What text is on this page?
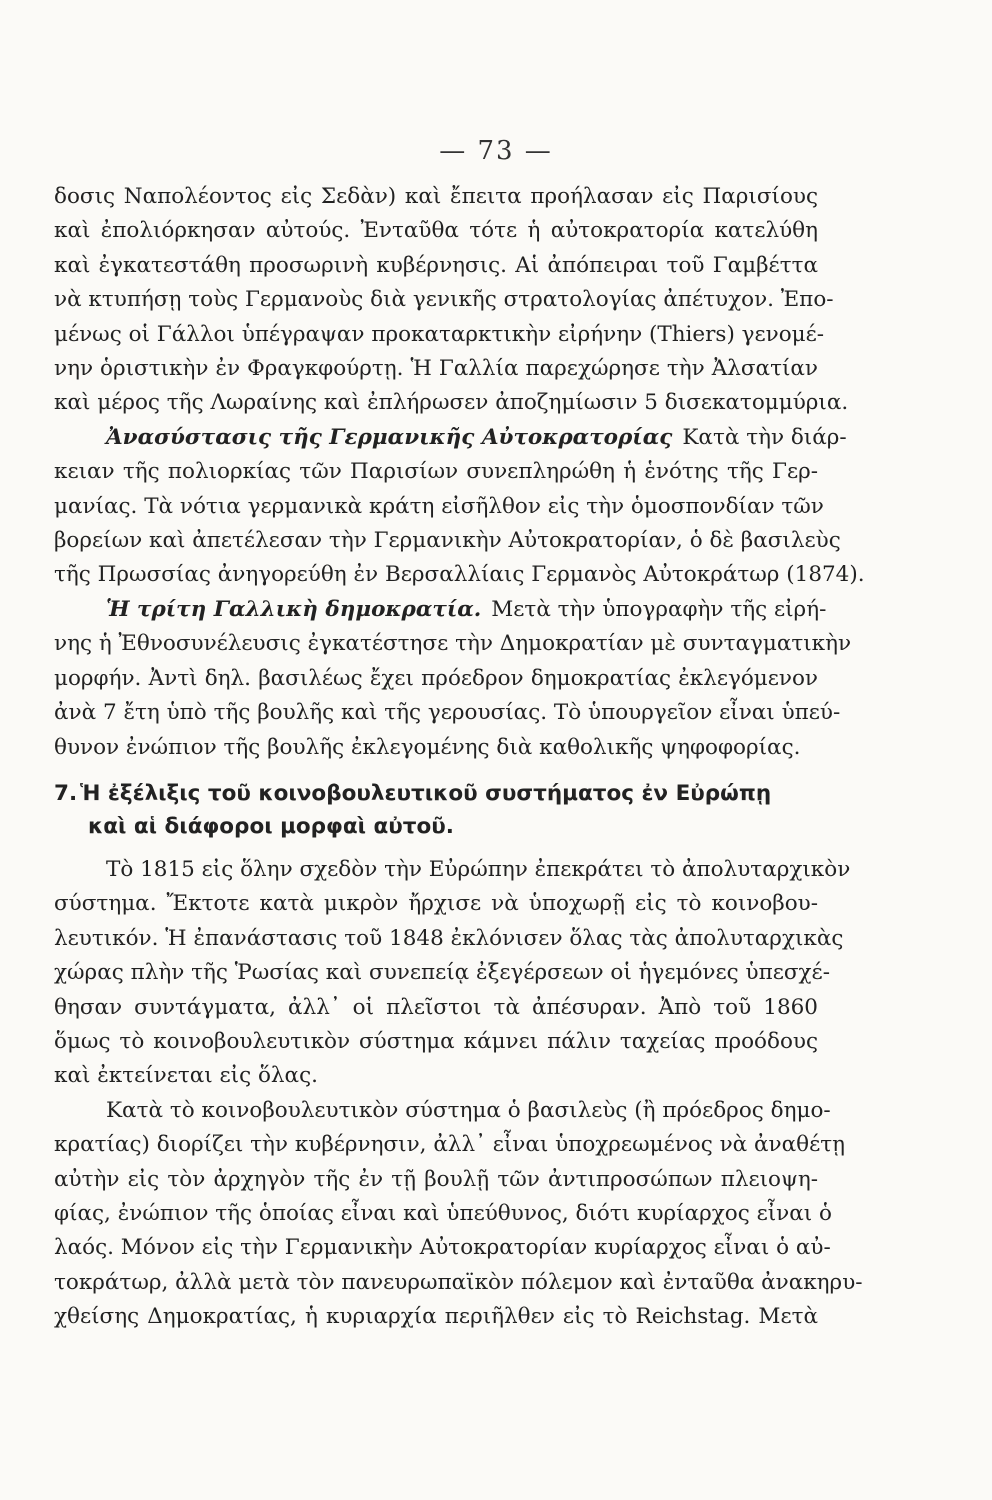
— 73 —
δοσις Ναπολέοντος εἰς Σεδὰν) καὶ ἔπειτα προήλασαν εἰς Παρισίους
καὶ ἐπολιόρκησαν αὐτούς. Ἐνταῦθα τότε ἡ αὐτοκρατορία κατελύθη
καὶ ἐγκατεστάθη προσωρινὴ κυβέρνησις. Αἱ ἀπόπειραι τοῦ Γαμβέττα
νὰ κτυπήσῃ τοὺς Γερμανοὺς διὰ γενικῆς στρατολογίας ἀπέτυχον. Ἐπο-
μένως οἱ Γάλλοι ὑπέγραψαν προκαταρκτικὴν εἰρήνην (Thiers) γενομέ-
νην ὁριστικὴν ἐν Φραγκφούρτῃ. Ἡ Γαλλία παρεχώρησε τὴν Ἀλσατίαν
καὶ μέρος τῆς Λωραίνης καὶ ἐπλήρωσεν ἀποζημίωσιν 5 δισεκατομμύρια.
Ἀνασύστασις τῆς Γερμανικῆς Αὐτοκρατορίας Κατὰ τὴν διάρ-
κειαν τῆς πολιορκίας τῶν Παρισίων συνεπληρώθη ἡ ἑνότης τῆς Γερ-
μανίας. Τὰ νότια γερμανικὰ κράτη εἰσῆλθον εἰς τὴν ὁμοσπονδίαν τῶν
βορείων καὶ ἀπετέλεσαν τὴν Γερμανικὴν Αὐτοκρατορίαν, ὁ δὲ βασιλεὺς
τῆς Πρωσσίας ἀνηγορεύθη ἐν Βερσαλλίαις Γερμανὸς Αὐτοκράτωρ (1874).
Ἡ τρίτη Γαλλικὴ δημοκρατία. Μετὰ τὴν ὑπογραφὴν τῆς εἰρή-
νης ἡ Ἐθνοσυνέλευσις ἐγκατέστησε τὴν Δημοκρατίαν μὲ συνταγματικὴν
μορφήν. Ἀντὶ δηλ. βασιλέως ἔχει πρόεδρον δημοκρατίας ἐκλεγόμενον
ἀνὰ 7 ἔτη ὑπὸ τῆς βουλῆς καὶ τῆς γερουσίας. Τὸ ὑπουργεῖον εἶναι ὑπεύ-
θυνον ἐνώπιον τῆς βουλῆς ἐκλεγομένης διὰ καθολικῆς ψηφοφορίας.
7. Ἡ ἐξέλιξις τοῦ κοινοβουλευτικοῦ συστήματος ἐν Εὐρώπῃ
καὶ αἱ διάφοροι μορφαὶ αὐτοῦ.
Τὸ 1815 εἰς ὅλην σχεδὸν τὴν Εὐρώπην ἐπεκράτει τὸ ἀπολυταρχικὸν
σύστημα. Ἔκτοτε κατὰ μικρὸν ἤρχισε νὰ ὑποχωρῇ εἰς τὸ κοινοβου-
λευτικόν. Ἡ ἐπανάστασις τοῦ 1848 ἐκλόνισεν ὅλας τὰς ἀπολυταρχικὰς
χώρας πλὴν τῆς Ῥωσίας καὶ συνεπείᾳ ἐξεγέρσεων οἱ ἡγεμόνες ὑπεσχέ-
θησαν συντάγματα, ἀλλ᾽ οἱ πλεῖστοι τὰ ἀπέσυραν. Ἀπὸ τοῦ 1860
ὅμως τὸ κοινοβουλευτικὸν σύστημα κάμνει πάλιν ταχείας προόδους
καὶ ἐκτείνεται εἰς ὅλας.
Κατὰ τὸ κοινοβουλευτικὸν σύστημα ὁ βασιλεὺς (ἢ πρόεδρος δημο-
κρατίας) διορίζει τὴν κυβέρνησιν, ἀλλ᾽ εἶναι ὑποχρεωμένος νὰ ἀναθέτῃ
αὐτὴν εἰς τὸν ἀρχηγὸν τῆς ἐν τῇ βουλῇ τῶν ἀντιπροσώπων πλειοψη-
φίας, ἐνώπιον τῆς ὁποίας εἶναι καὶ ὑπεύθυνος, διότι κυρίαρχος εἶναι ὁ
λαός. Μόνον εἰς τὴν Γερμανικὴν Αὐτοκρατορίαν κυρίαρχος εἶναι ὁ αὐ-
τοκράτωρ, ἀλλὰ μετὰ τὸν πανευρωπαϊκὸν πόλεμον καὶ ἐνταῦθα ἀνακηρυ-
χθείσης Δημοκρατίας, ἡ κυριαρχία περιῆλθεν εἰς τὸ Reichstag. Μετὰ
